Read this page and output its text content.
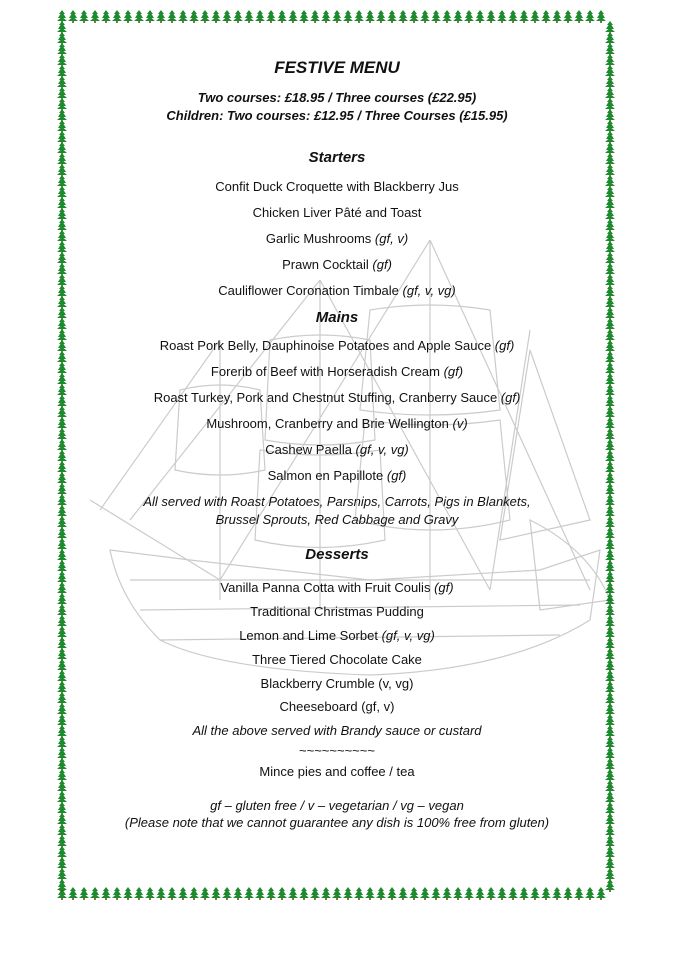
FESTIVE MENU
Two courses: £18.95 / Three courses (£22.95)
Children: Two courses: £12.95 / Three Courses (£15.95)
Starters
Confit Duck Croquette with Blackberry Jus
Chicken Liver Pâté and Toast
Garlic Mushrooms (gf, v)
Prawn Cocktail (gf)
Cauliflower Coronation Timbale (gf, v, vg)
Mains
Roast Pork Belly, Dauphinoise Potatoes and Apple Sauce (gf)
Forerib of Beef with Horseradish Cream (gf)
Roast Turkey, Pork and Chestnut Stuffing, Cranberry Sauce (gf)
Mushroom, Cranberry and Brie Wellington (v)
Cashew Paella (gf, v, vg)
Salmon en Papillote (gf)
All served with Roast Potatoes, Parsnips, Carrots, Pigs in Blankets,
Brussel Sprouts, Red Cabbage and Gravy
Desserts
Vanilla Panna Cotta with Fruit Coulis (gf)
Traditional Christmas Pudding
Lemon and Lime Sorbet (gf, v, vg)
Three Tiered Chocolate Cake
Blackberry Crumble (v, vg)
Cheeseboard (gf, v)
All the above served with Brandy sauce or custard
~~~~~~~~~~
Mince pies and coffee / tea
gf – gluten free / v – vegetarian / vg – vegan
(Please note that we cannot guarantee any dish is 100% free from gluten)
